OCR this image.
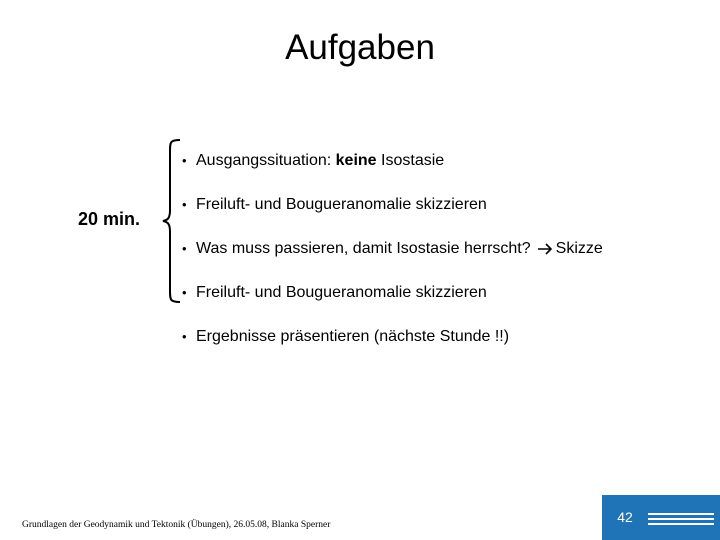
Aufgaben
20 min.
• Ausgangssituation: keine Isostasie
• Freiluft- und Bougueranomalie skizzieren
• Was muss passieren, damit Isostasie herrscht? Skizze
• Freiluft- und Bougueranomalie skizzieren
• Ergebnisse präsentieren (nächste Stunde !!)
Grundlagen der Geodynamik und Tektonik (Übungen), 26.05.08, Blanka Sperner	42
